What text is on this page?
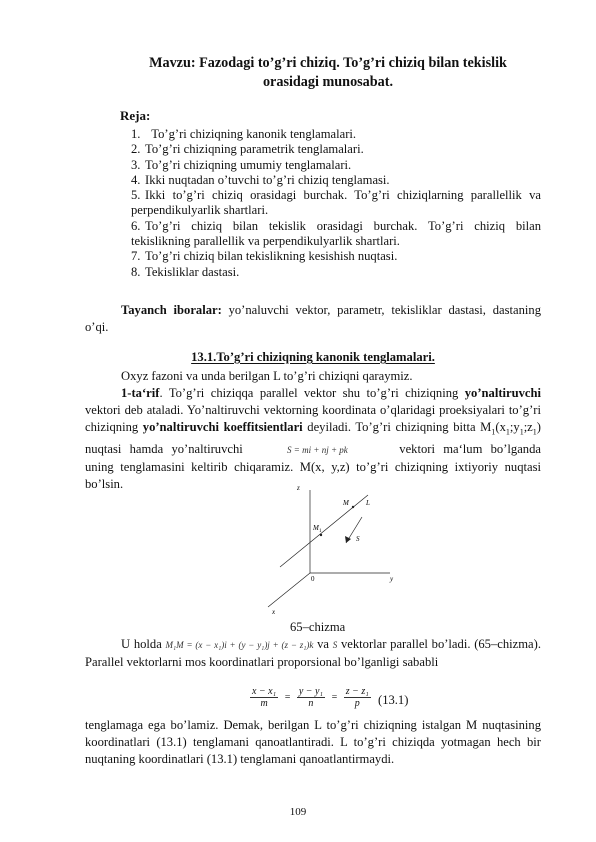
Mavzu: Fazodagi to’g’ri chiziq. To’g’ri chiziq bilan tekislik
orasidagi munosabat.
Reja:
1. To’g’ri chiziqning kanonik tenglamalari.
2. To’g’ri chiziqning parametrik tenglamalari.
3. To’g’ri chiziqning umumiy tenglamalari.
4. Ikki nuqtadan o’tuvchi to’g’ri chiziq tenglamasi.
5. Ikki to’g’ri chiziq orasidagi burchak. To’g’ri chiziqlarning parallellik va perpendikulyarlik shartlari.
6. To’g’ri chiziq bilan tekislik orasidagi burchak. To’g’ri chiziq bilan tekislikning parallellik va perpendikulyarlik shartlari.
7. To’g’ri chiziq bilan tekislikning kesishish nuqtasi.
8. Tekisliklar dastasi.
Tayanch iboralar: yo’naluvchi vektor, parametr, tekisliklar dastasi, dastaning o’qi.
13.1.To’g’ri chiziqning kanonik tenglamalari.
Oxyz fazoni va unda berilgan L to’g’ri chiziqni qaraymiz.
1-ta‘rif. To’g’ri chiziqqa parallel vektor shu to’g’ri chiziqning yo’naltiruvchi vektori deb ataladi. Yo’naltiruvchi vektorning koordinata o’qlaridagi proeksiyalari to’g’ri chiziqning yo’naltiruvchi koeffitsientlari deyiladi. To’g’ri chiziqning bitta $M_1(x_1;y_1;z_1)$ nuqtasi hamda yo’naltiruvchi	S = mi + nj + pk	vektori ma‘lum bo’lganda uning tenglamasini keltirib chiqaramiz. M(x, y,z) to’g’ri chiziqning ixtiyoriy nuqtasi bo’lsin.	z
y
x
0
M
M 1
L
S
65–chizma
U holda M₁M = (x − x₁)i + (y − y₁)j + (z − z₁)k va S vektorlar parallel bo’ladi. (65–chizma). Parallel vektorlarni mos koordinatlari proporsional bo’lganligi sababli
$\frac{\text{x − x₁}}{m} = \frac{\text{y − y₁}}{n} = \frac{\text{z − z₁}}{p} (13.1)$
tenglamaga ega bo’lamiz. Demak, berilgan L to’g’ri chiziqning istalgan M nuqtasining koordinatlari (13.1) tenglamani qanoatlantiradi. L to’g’ri chiziqda yotmagan hech bir nuqtaning koordinatlari (13.1) tenglamani qanoatlantirmaydi.
109
